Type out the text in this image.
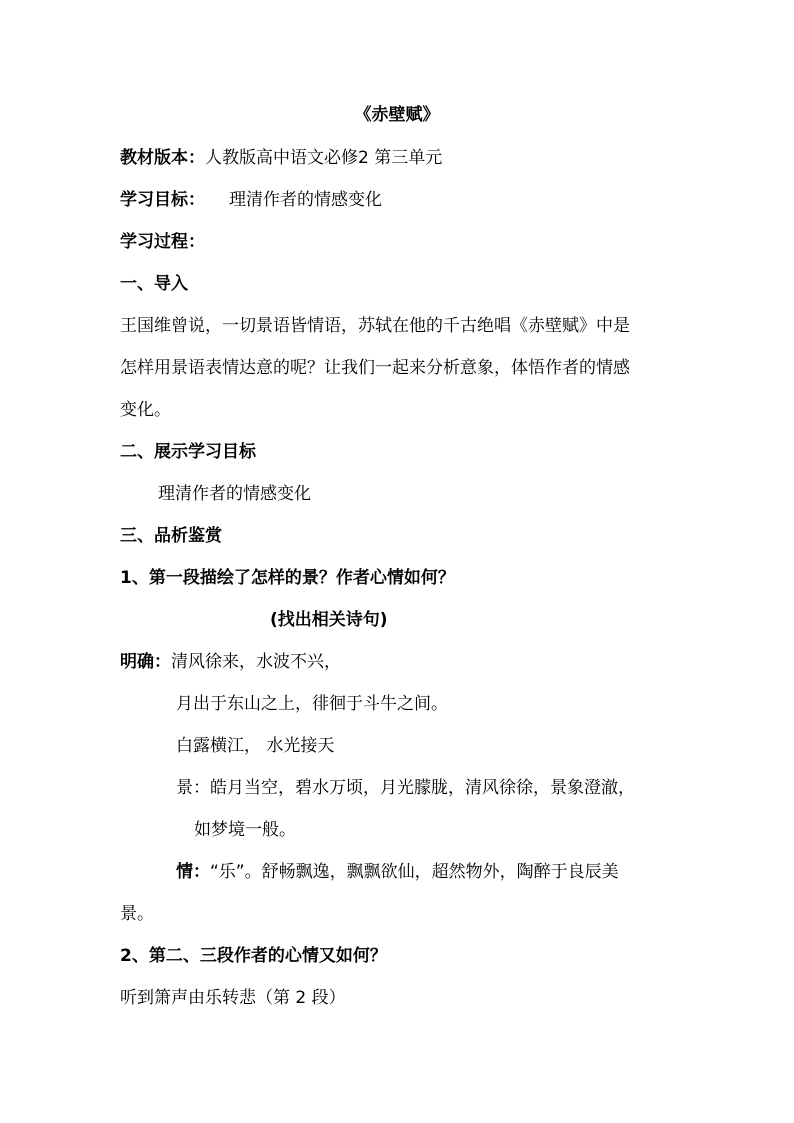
《赤壁赋》
教材版本：人教版高中语文必修2 第三单元
学习目标： 理清作者的情感变化
学习过程：
一、导入
王国维曾说，一切景语皆情语，苏轼在他的千古绝唱《赤壁赋》中是
怎样用景语表情达意的呢？让我们一起来分析意象，体悟作者的情感
变化。
二、展示学习目标
理清作者的情感变化
三、品析鉴赏
1、第一段描绘了怎样的景？作者心情如何？
(找出相关诗句)
明确：清风徐来，水波不兴，
月出于东山之上，徘徊于斗牛之间。
白露横江， 水光接天
景：皓月当空，碧水万顷，月光朦胧，清风徐徐，景象澄澈，
如梦境一般。
情：“乐”。舒畅飘逸，飘飘欲仙，超然物外，陶醉于良辰美
景。
2、第二、三段作者的心情又如何？
听到箫声由乐转悲（第 2 段）
